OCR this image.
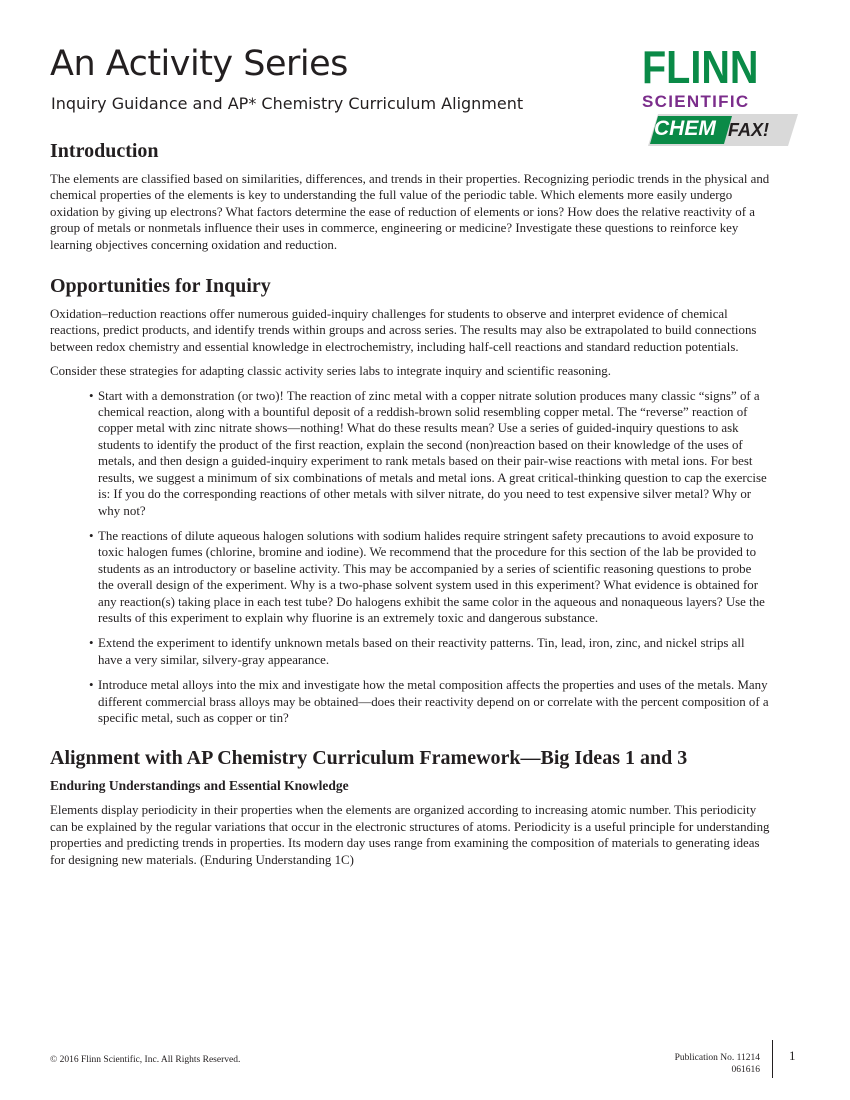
An Activity Series

Inquiry Guidance and AP* Chemistry Curriculum Alignment

FLINN

SCIENTIFIC

CHEM FAX!

Introduction

The elements are classified based on similarities, differences, and trends in their properties. Recognizing periodic trends in the physical and chemical properties of the elements is key to understanding the full value of the periodic table. Which elements more easily undergo oxidation by giving up electrons? What factors determine the ease of reduction of elements or ions? How does the relative reactivity of a group of metals or nonmetals influence their uses in commerce, engineering or medicine? Investigate these questions to reinforce key learning objectives concerning oxidation and reduction.

Opportunities for Inquiry

Oxidation–reduction reactions offer numerous guided-inquiry challenges for students to observe and interpret evidence of chemical reactions, predict products, and identify trends within groups and across series. The results may also be extrapolated to build connections between redox chemistry and essential knowledge in electrochemistry, including half-cell reactions and standard reduction potentials.

Consider these strategies for adapting classic activity series labs to integrate inquiry and scientific reasoning.

• Start with a demonstration (or two)! The reaction of zinc metal with a copper nitrate solution produces many classic “signs” of a chemical reaction, along with a bountiful deposit of a reddish-brown solid resembling copper metal. The “reverse” reaction of copper metal with zinc nitrate shows—nothing! What do these results mean? Use a series of guided-inquiry questions to ask students to identify the product of the first reaction, explain the second (non)reaction based on their knowledge of the uses of metals, and then design a guided-inquiry experiment to rank metals based on their pair-wise reactions with metal ions. For best results, we suggest a minimum of six combinations of metals and metal ions. A great critical-thinking question to cap the exercise is: If you do the corresponding reactions of other metals with silver nitrate, do you need to test expensive silver metal? Why or why not?
• The reactions of dilute aqueous halogen solutions with sodium halides require stringent safety precautions to avoid exposure to toxic halogen fumes (chlorine, bromine and iodine). We recommend that the procedure for this section of the lab be provided to students as an introductory or baseline activity. This may be accompanied by a series of scientific reasoning questions to probe the overall design of the experiment. Why is a two-phase solvent system used in this experiment? What evidence is obtained for any reaction(s) taking place in each test tube? Do halogens exhibit the same color in the aqueous and nonaqueous layers? Use the results of this experiment to explain why fluorine is an extremely toxic and dangerous substance.
• Extend the experiment to identify unknown metals based on their reactivity patterns. Tin, lead, iron, zinc, and nickel strips all have a very similar, silvery-gray appearance.
• Introduce metal alloys into the mix and investigate how the metal composition affects the properties and uses of the metals. Many different commercial brass alloys may be obtained—does their reactivity depend on or correlate with the percent composition of a specific metal, such as copper or tin?
Alignment with AP Chemistry Curriculum Framework—Big Ideas 1 and 3
Enduring Understandings and Essential Knowledge

Elements display periodicity in their properties when the elements are organized according to increasing atomic number. This periodicity can be explained by the regular variations that occur in the electronic structures of atoms. Periodicity is a useful principle for understanding properties and predicting trends in properties. Its modern day uses range from examining the composition of materials to generating ideas for designing new materials. (Enduring Understanding 1C)

© 2016 Flinn Scientific, Inc. All Rights Reserved.	Publication No. 11214
061616

1
